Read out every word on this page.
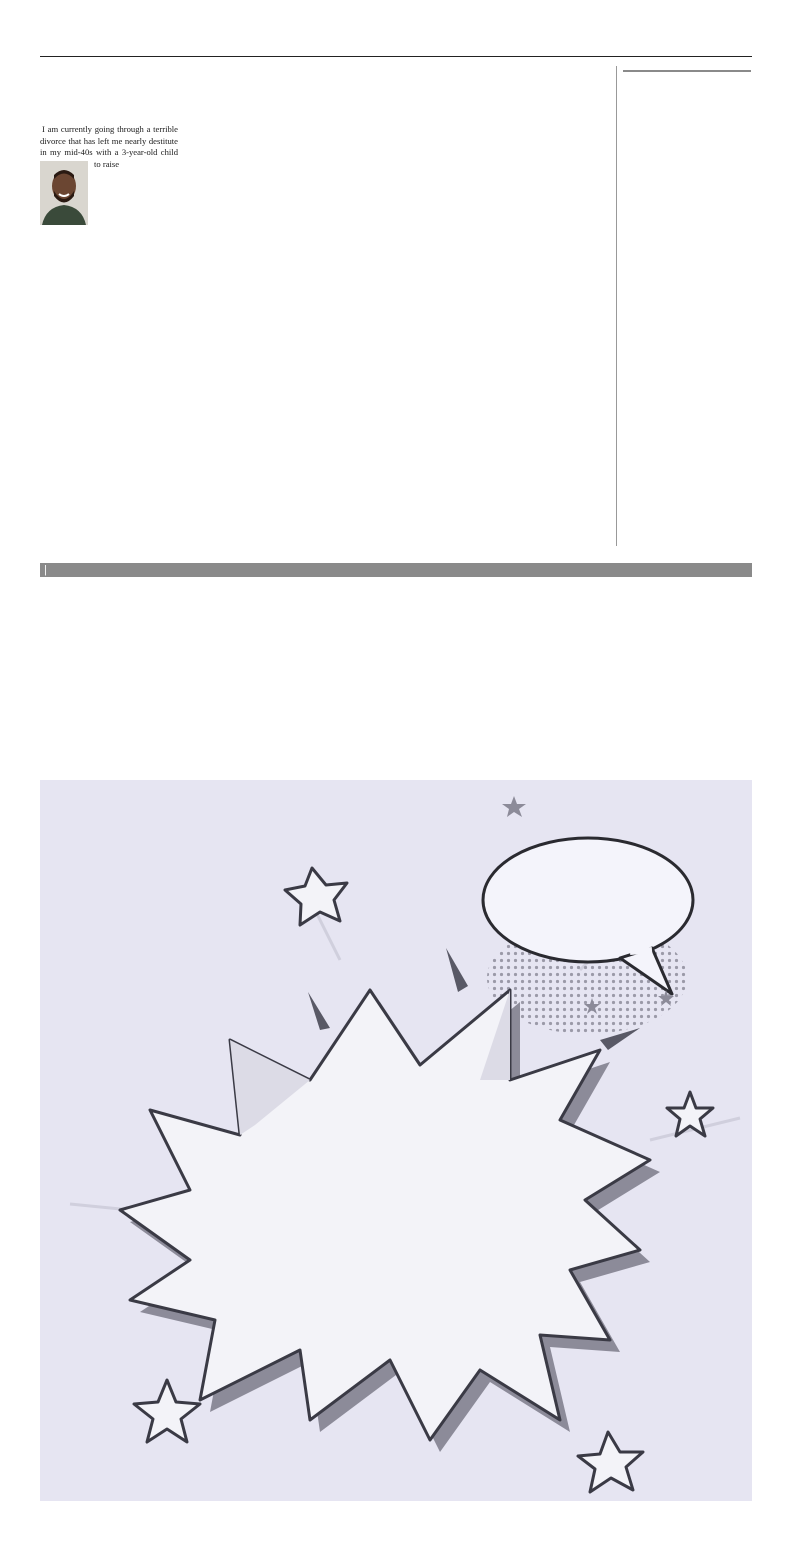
I am currently going through a terrible divorce that has left me nearly destitute in my mid-40s with a 3-year-old child to raise

|
